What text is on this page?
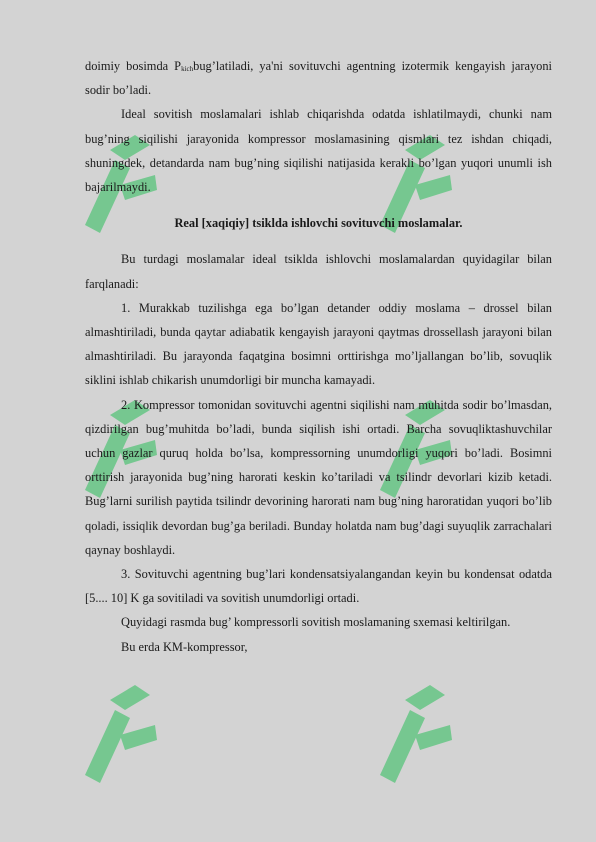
doimiy bosimda $P_{kich}bug’latiladi$, ya'ni sovituvchi agentning izotermik kengayish jarayoni sodir bo’ladi.

Ideal sovitish moslamalari ishlab chiqarishda odatda ishlatilmaydi, chunki nam bug’ning siqilishi jarayonida kompressor moslamasining qismlari tez ishdan chiqadi, shuningdek, detandarda nam bug’ning siqilishi natijasida kerakli bo’lgan yuqori unumli ish bajarilmaydi.

Real [xaqiqiy] tsiklda ishlovchi sovituvchi moslamalar.

Bu turdagi moslamalar ideal tsiklda ishlovchi moslamalardan quyidagilar bilan farqlanadi:

1. Murakkab tuzilishga ega bo’lgan detander oddiy moslama – drossel bilan almashtiriladi, bunda qaytar adiabatik kengayish jarayoni qaytmas drossellash jarayoni bilan almashtiriladi. Bu jarayonda faqatgina bosimni orttirishga mo’ljallangan bo’lib, sovuqlik siklini ishlab chikarish unumdorligi bir muncha kamayadi.

2. Kompressor tomonidan sovituvchi agentni siqilishi nam muhitda sodir bo’lmasdan, qizdirilgan bug’muhitda bo’ladi, bunda siqilish ishi ortadi. Barcha sovuqliktashuvchilar uchun gazlar quruq holda bo’lsa, kompressorning unumdorligi yuqori bo’ladi. Bosimni orttirish jarayonida bug’ning harorati keskin ko’tariladi va tsilindr devorlari kizib ketadi. Bug’larni surilish paytida tsilindr devorining harorati nam bug’ning haroratidan yuqori bo’lib qoladi, issiqlik devordan bug’ga beriladi. Bunday holatda nam bug’dagi suyuqlik zarrachalari qaynay boshlaydi.

3. Sovituvchi agentning bug’lari kondensatsiyalangandan keyin bu kondensat odatda [5.... 10] K ga sovitiladi va sovitish unumdorligi ortadi.

Quyidagi rasmda bug’ kompressorli sovitish moslamaning sxemasi keltirilgan.

Bu erda KM-kompressor,
